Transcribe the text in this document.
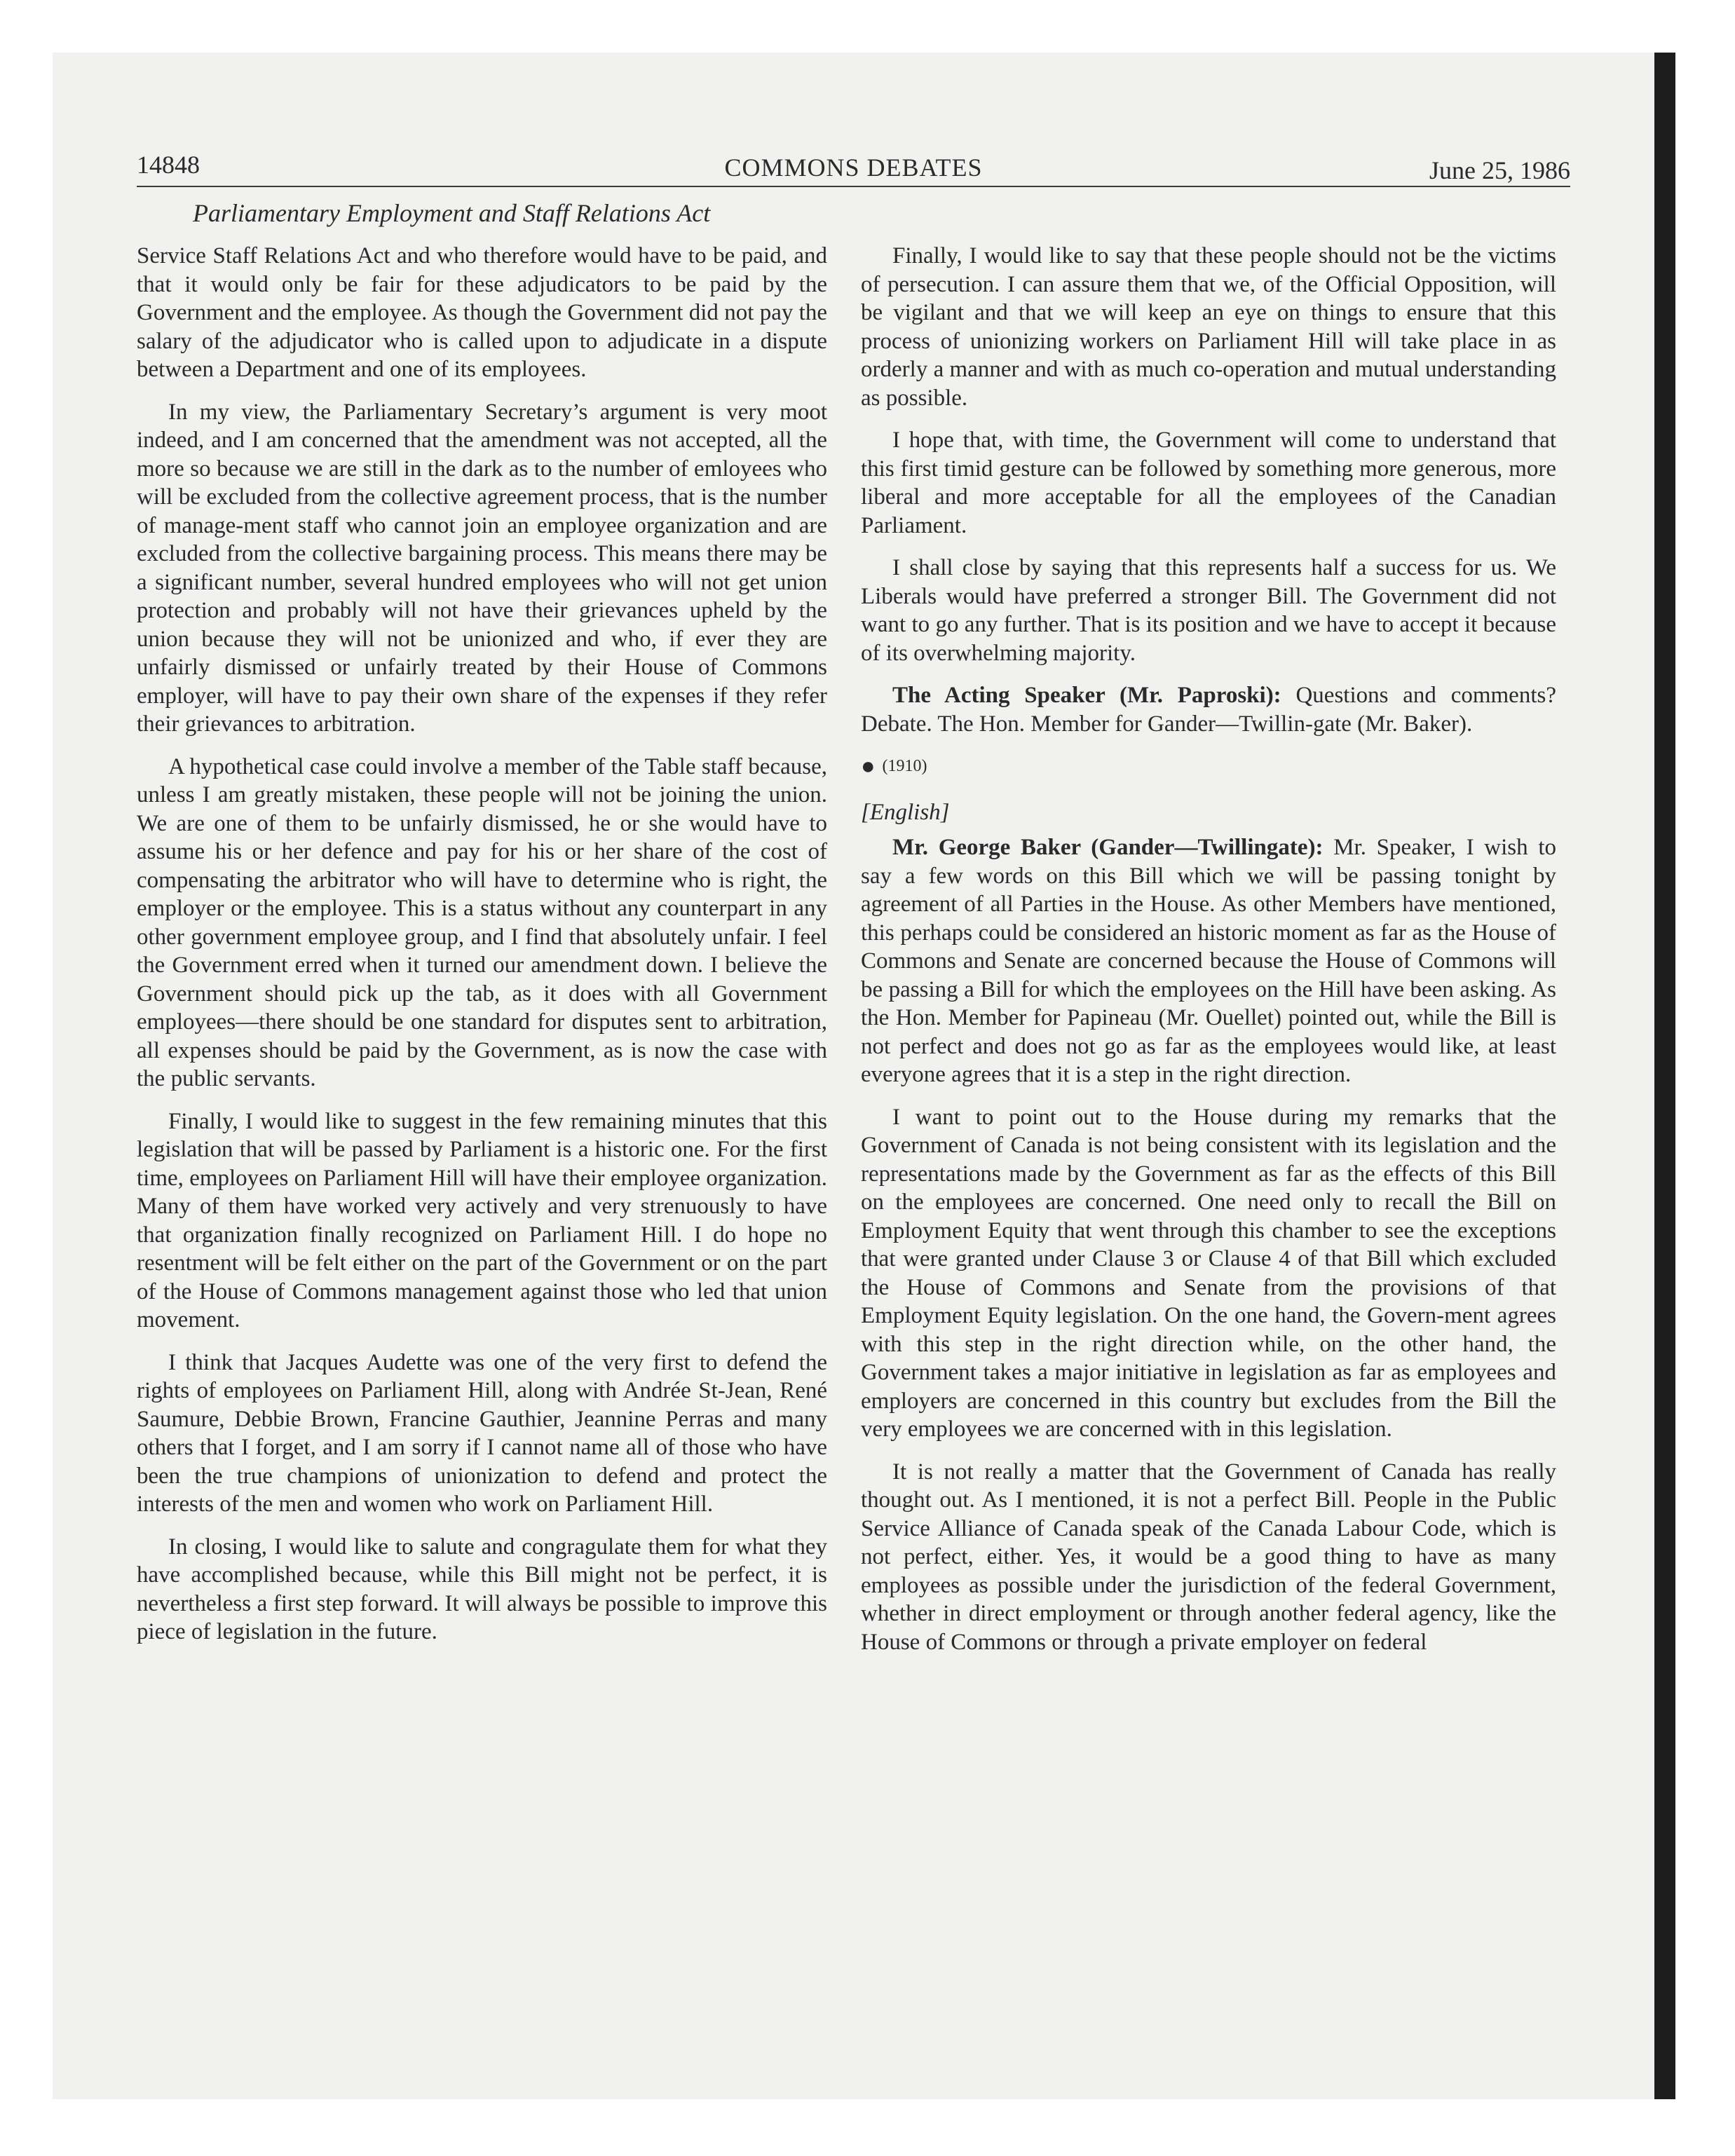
14848	COMMONS DEBATES	June 25, 1986
Parliamentary Employment and Staff Relations Act

Service Staff Relations Act and who therefore would have to be paid, and that it would only be fair for these adjudicators to be paid by the Government and the employee. As though the Government did not pay the salary of the adjudicator who is called upon to adjudicate in a dispute between a Department and one of its employees.

In my view, the Parliamentary Secretary’s argument is very moot indeed, and I am concerned that the amendment was not accepted, all the more so because we are still in the dark as to the number of emloyees who will be excluded from the collective agreement process, that is the number of manage-ment staff who cannot join an employee organization and are excluded from the collective bargaining process. This means there may be a significant number, several hundred employees who will not get union protection and probably will not have their grievances upheld by the union because they will not be unionized and who, if ever they are unfairly dismissed or unfairly treated by their House of Commons employer, will have to pay their own share of the expenses if they refer their grievances to arbitration.

A hypothetical case could involve a member of the Table staff because, unless I am greatly mistaken, these people will not be joining the union. We are one of them to be unfairly dismissed, he or she would have to assume his or her defence and pay for his or her share of the cost of compensating the arbitrator who will have to determine who is right, the employer or the employee. This is a status without any counterpart in any other government employee group, and I find that absolutely unfair. I feel the Government erred when it turned our amendment down. I believe the Government should pick up the tab, as it does with all Government employees—there should be one standard for disputes sent to arbitration, all expenses should be paid by the Government, as is now the case with the public servants.

Finally, I would like to suggest in the few remaining minutes that this legislation that will be passed by Parliament is a historic one. For the first time, employees on Parliament Hill will have their employee organization. Many of them have worked very actively and very strenuously to have that organization finally recognized on Parliament Hill. I do hope no resentment will be felt either on the part of the Government or on the part of the House of Commons management against those who led that union movement.

I think that Jacques Audette was one of the very first to defend the rights of employees on Parliament Hill, along with Andrée St-Jean, René Saumure, Debbie Brown, Francine Gauthier, Jeannine Perras and many others that I forget, and I am sorry if I cannot name all of those who have been the true champions of unionization to defend and protect the interests of the men and women who work on Parliament Hill.

In closing, I would like to salute and congragulate them for what they have accomplished because, while this Bill might not be perfect, it is nevertheless a first step forward. It will always be possible to improve this piece of legislation in the future.

Finally, I would like to say that these people should not be the victims of persecution. I can assure them that we, of the Official Opposition, will be vigilant and that we will keep an eye on things to ensure that this process of unionizing workers on Parliament Hill will take place in as orderly a manner and with as much co-operation and mutual understanding as possible.

I hope that, with time, the Government will come to understand that this first timid gesture can be followed by something more generous, more liberal and more acceptable for all the employees of the Canadian Parliament.

I shall close by saying that this represents half a success for us. We Liberals would have preferred a stronger Bill. The Government did not want to go any further. That is its position and we have to accept it because of its overwhelming majority.

The Acting Speaker (Mr. Paproski): Questions and comments? Debate. The Hon. Member for Gander—Twillin-gate (Mr. Baker).

● (1910)
[English]

Mr. George Baker (Gander—Twillingate): Mr. Speaker, I wish to say a few words on this Bill which we will be passing tonight by agreement of all Parties in the House. As other Members have mentioned, this perhaps could be considered an historic moment as far as the House of Commons and Senate are concerned because the House of Commons will be passing a Bill for which the employees on the Hill have been asking. As the Hon. Member for Papineau (Mr. Ouellet) pointed out, while the Bill is not perfect and does not go as far as the employees would like, at least everyone agrees that it is a step in the right direction.

I want to point out to the House during my remarks that the Government of Canada is not being consistent with its legislation and the representations made by the Government as far as the effects of this Bill on the employees are concerned. One need only to recall the Bill on Employment Equity that went through this chamber to see the exceptions that were granted under Clause 3 or Clause 4 of that Bill which excluded the House of Commons and Senate from the provisions of that Employment Equity legislation. On the one hand, the Govern-ment agrees with this step in the right direction while, on the other hand, the Government takes a major initiative in legislation as far as employees and employers are concerned in this country but excludes from the Bill the very employees we are concerned with in this legislation.

It is not really a matter that the Government of Canada has really thought out. As I mentioned, it is not a perfect Bill. People in the Public Service Alliance of Canada speak of the Canada Labour Code, which is not perfect, either. Yes, it would be a good thing to have as many employees as possible under the jurisdiction of the federal Government, whether in direct employment or through another federal agency, like the House of Commons or through a private employer on federal
